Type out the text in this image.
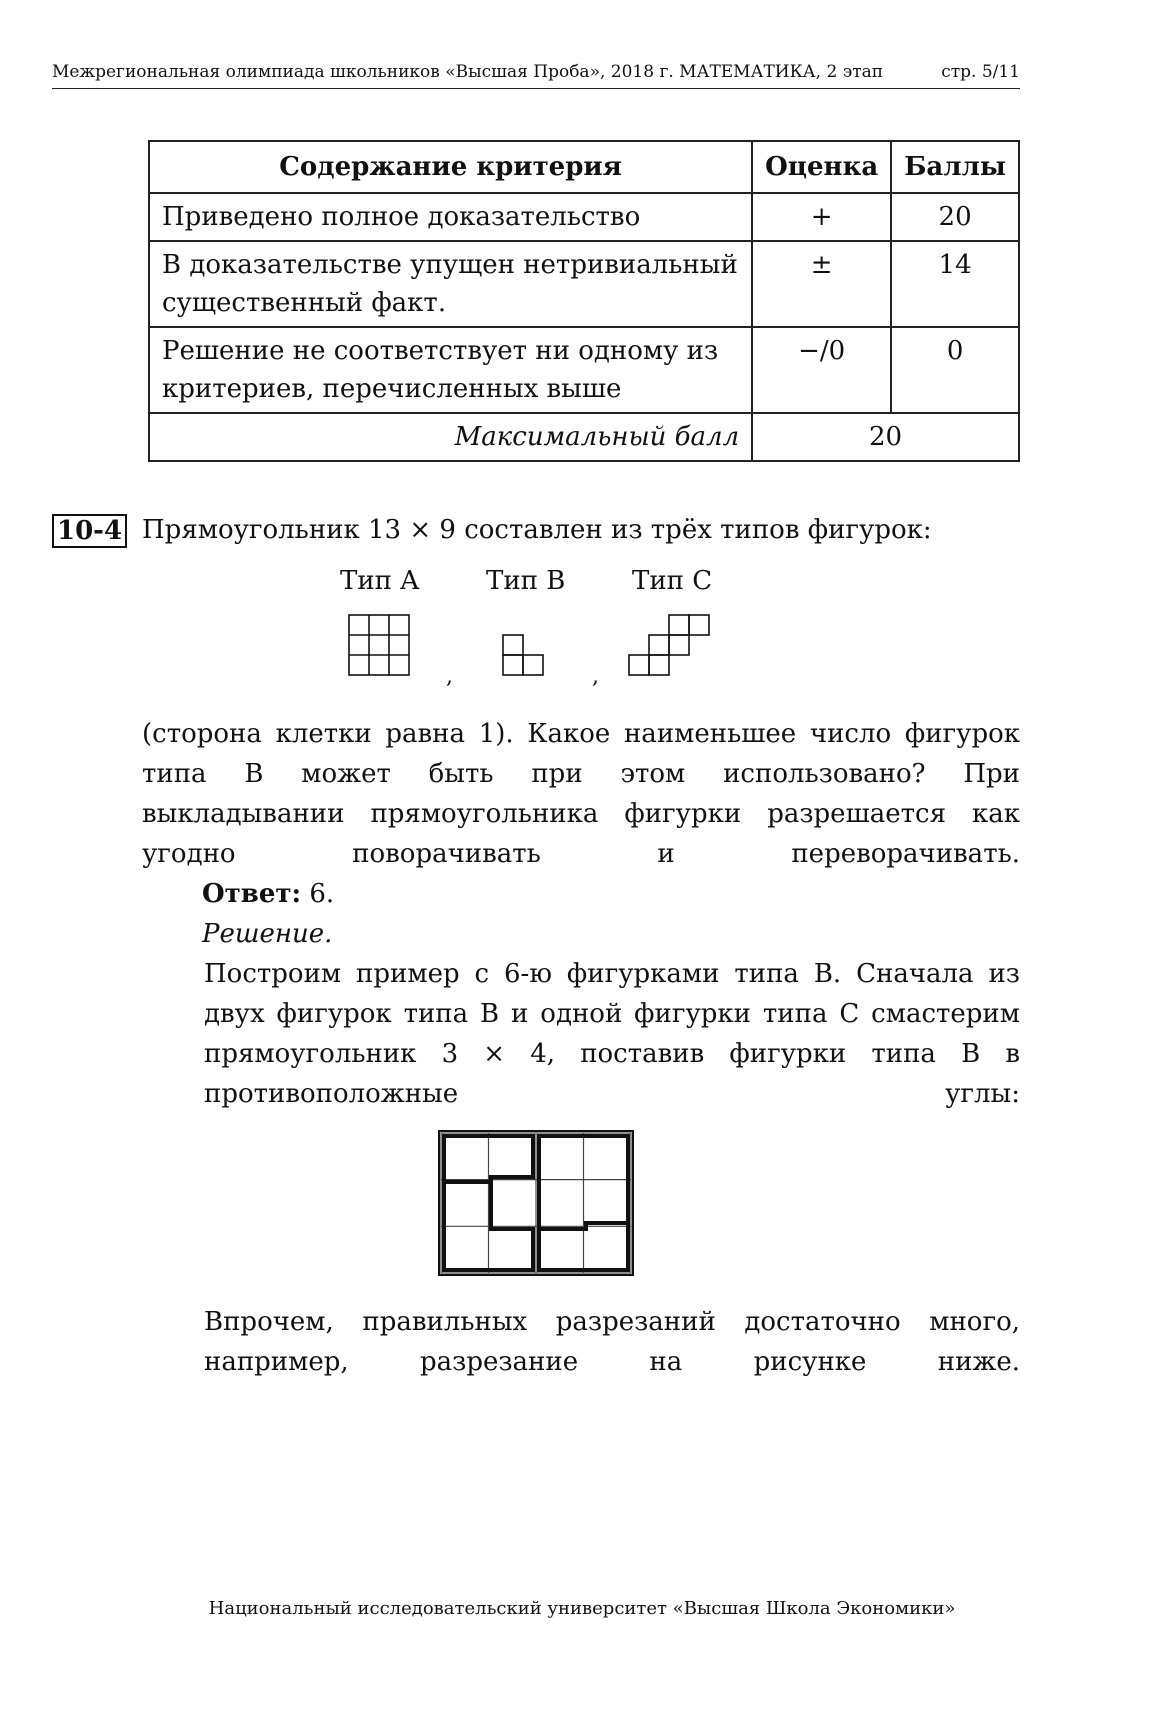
Межрегиональная олимпиада школьников «Высшая Проба», 2018 г. МАТЕМАТИКА, 2 этап	стр. 5/11
Содержание критерия	Оценка	Баллы
Приведено полное доказательство	+	20
В доказательстве упущен нетривиальный существенный факт.	±	14
Решение не соответствует ни одному из критериев, перечисленных выше	−/0	0
Максимальный балл	20	
10-4 Прямоугольник 13 × 9 составлен из трёх типов фигурок:
Тип A	Тип B	Тип C
,	,
(сторона клетки равна 1). Какое наименьшее число фигурок типа B может быть при этом использовано? При выкладывании прямоугольника фигурки разрешается как угодно поворачивать и переворачивать.
Ответ: 6.
Решение.
Построим пример с 6-ю фигурками типа B. Сначала из двух фигурок типа B и одной фигурки типа C смастерим прямоугольник 3 × 4, поставив фигурки типа B в противоположные углы:
Впрочем, правильных разрезаний достаточно много, например, разрезание на рисунке ниже.
Национальный исследовательский университет «Высшая Школа Экономики»
